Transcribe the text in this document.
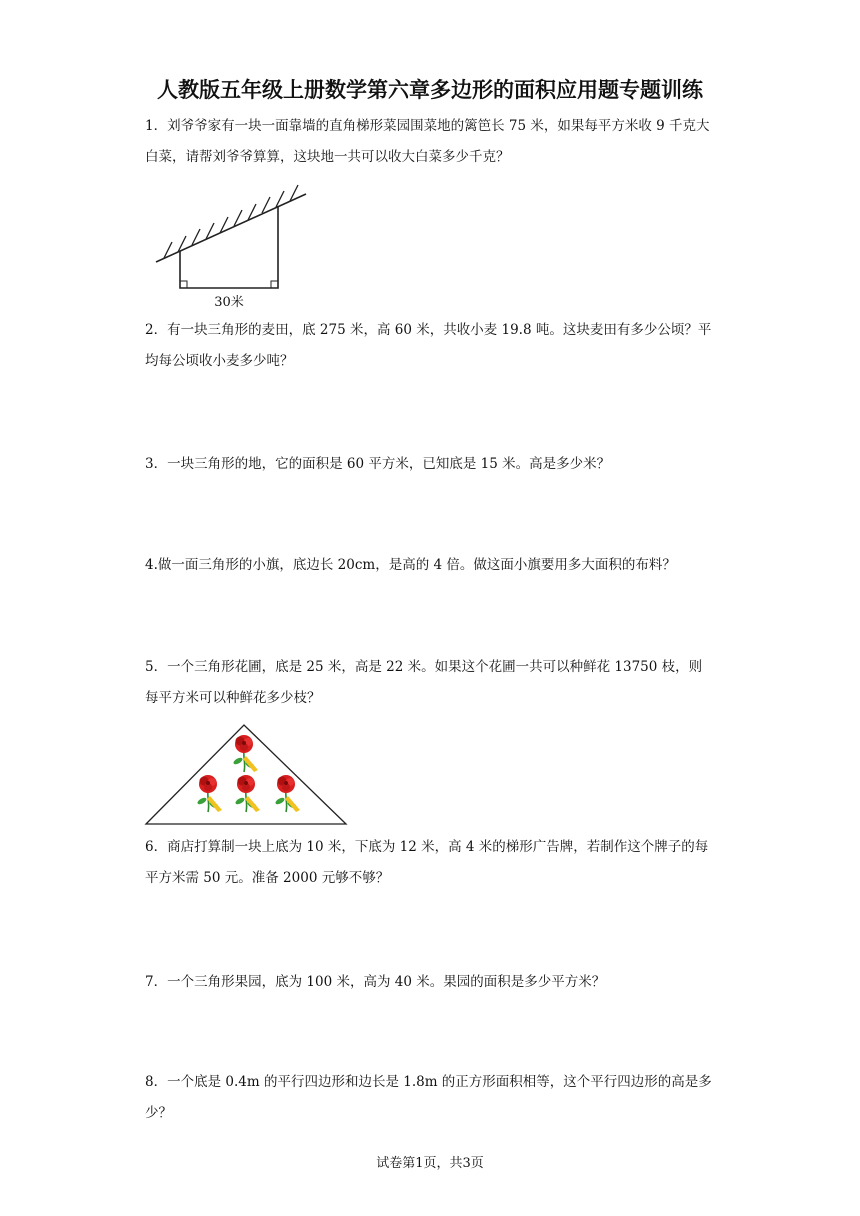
人教版五年级上册数学第六章多边形的面积应用题专题训练
1．刘爷爷家有一块一面靠墙的直角梯形菜园围菜地的篱笆长 75 米，如果每平方米收 9 千克大白菜，请帮刘爷爷算算，这块地一共可以收大白菜多少千克？
30米
2．有一块三角形的麦田，底 275 米，高 60 米，共收小麦 19.8 吨。这块麦田有多少公顷？平均每公顷收小麦多少吨？
3．一块三角形的地，它的面积是 60 平方米，已知底是 15 米。高是多少米？
4.做一面三角形的小旗，底边长 20cm，是高的 4 倍。做这面小旗要用多大面积的布料？
5．一个三角形花圃，底是 25 米，高是 22 米。如果这个花圃一共可以种鲜花 13750 枝，则每平方米可以种鲜花多少枝？
6．商店打算制一块上底为 10 米，下底为 12 米，高 4 米的梯形广告牌，若制作这个牌子的每平方米需 50 元。准备 2000 元够不够？
7．一个三角形果园，底为 100 米，高为 40 米。果园的面积是多少平方米？
8．一个底是 0.4m 的平行四边形和边长是 1.8m 的正方形面积相等，这个平行四边形的高是多少？
试卷第1页，共3页
